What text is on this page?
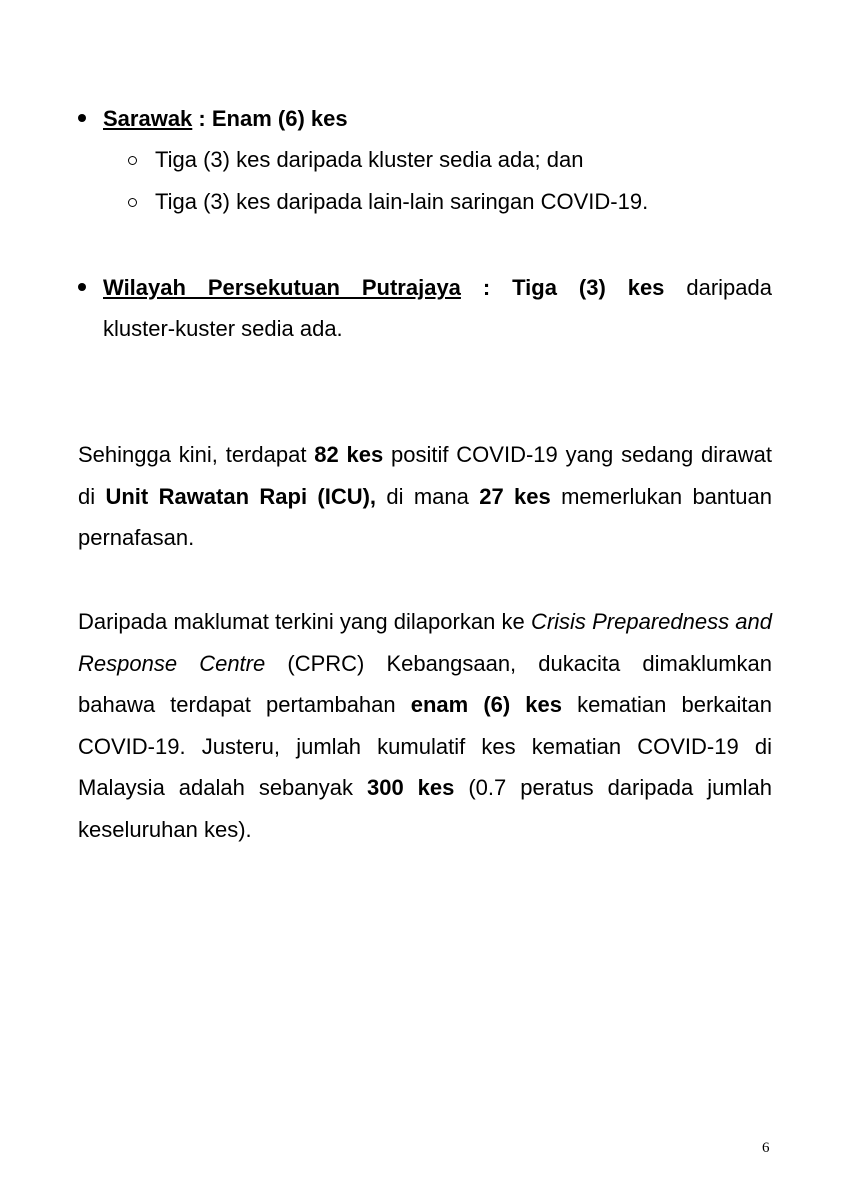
Sarawak : Enam (6) kes
Tiga (3) kes daripada kluster sedia ada; dan
Tiga (3) kes daripada lain-lain saringan COVID-19.
Wilayah Persekutuan Putrajaya : Tiga (3) kes daripada
kluster-kuster sedia ada.
Sehingga kini, terdapat 82 kes positif COVID-19 yang sedang dirawat di Unit Rawatan Rapi (ICU), di mana 27 kes memerlukan bantuan pernafasan.
Daripada maklumat terkini yang dilaporkan ke Crisis Preparedness and Response Centre (CPRC) Kebangsaan, dukacita dimaklumkan bahawa terdapat pertambahan enam (6) kes kematian berkaitan COVID-19. Justeru, jumlah kumulatif kes kematian COVID-19 di Malaysia adalah sebanyak 300 kes (0.7 peratus daripada jumlah keseluruhan kes).
6
